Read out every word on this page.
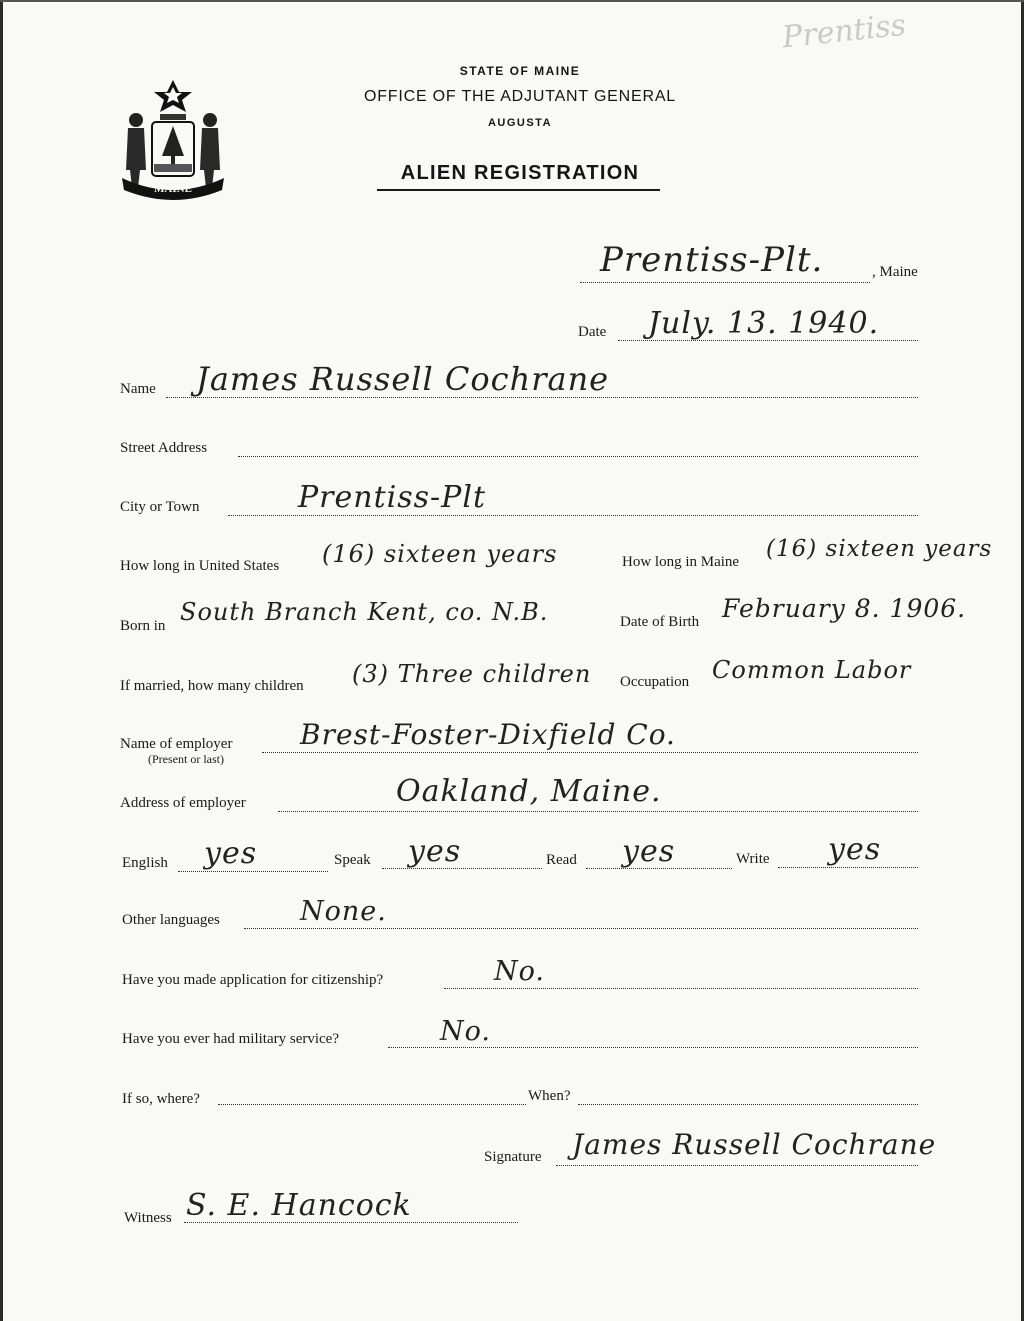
Prentiss
MAINE
STATE OF MAINE
OFFICE OF THE ADJUTANT GENERAL
AUGUSTA
ALIEN REGISTRATION
Prentiss-Plt.	, Maine
Date July. 13. 1940.
Name James Russell Cochrane
Street Address
City or Town	Prentiss-Plt
How long in United States (16) sixteen years	How long in Maine (16) sixteen years
Born in South Branch Kent, co. N.B.	Date of Birth February 8. 1906.
If married, how many children (3) Three children Occupation Common Labor
Name of employer
(Present or last)
Brest-Foster-Dixfield Co.
Address of employer	Oakland, Maine.
English yes	Speak yes	Read yes	Write yes
Other languages	None.
Have you made application for citizenship?	No.
Have you ever had military service?	No.
If so, where?	When?
Signature James Russell Cochrane
Witness S. E. Hancock
